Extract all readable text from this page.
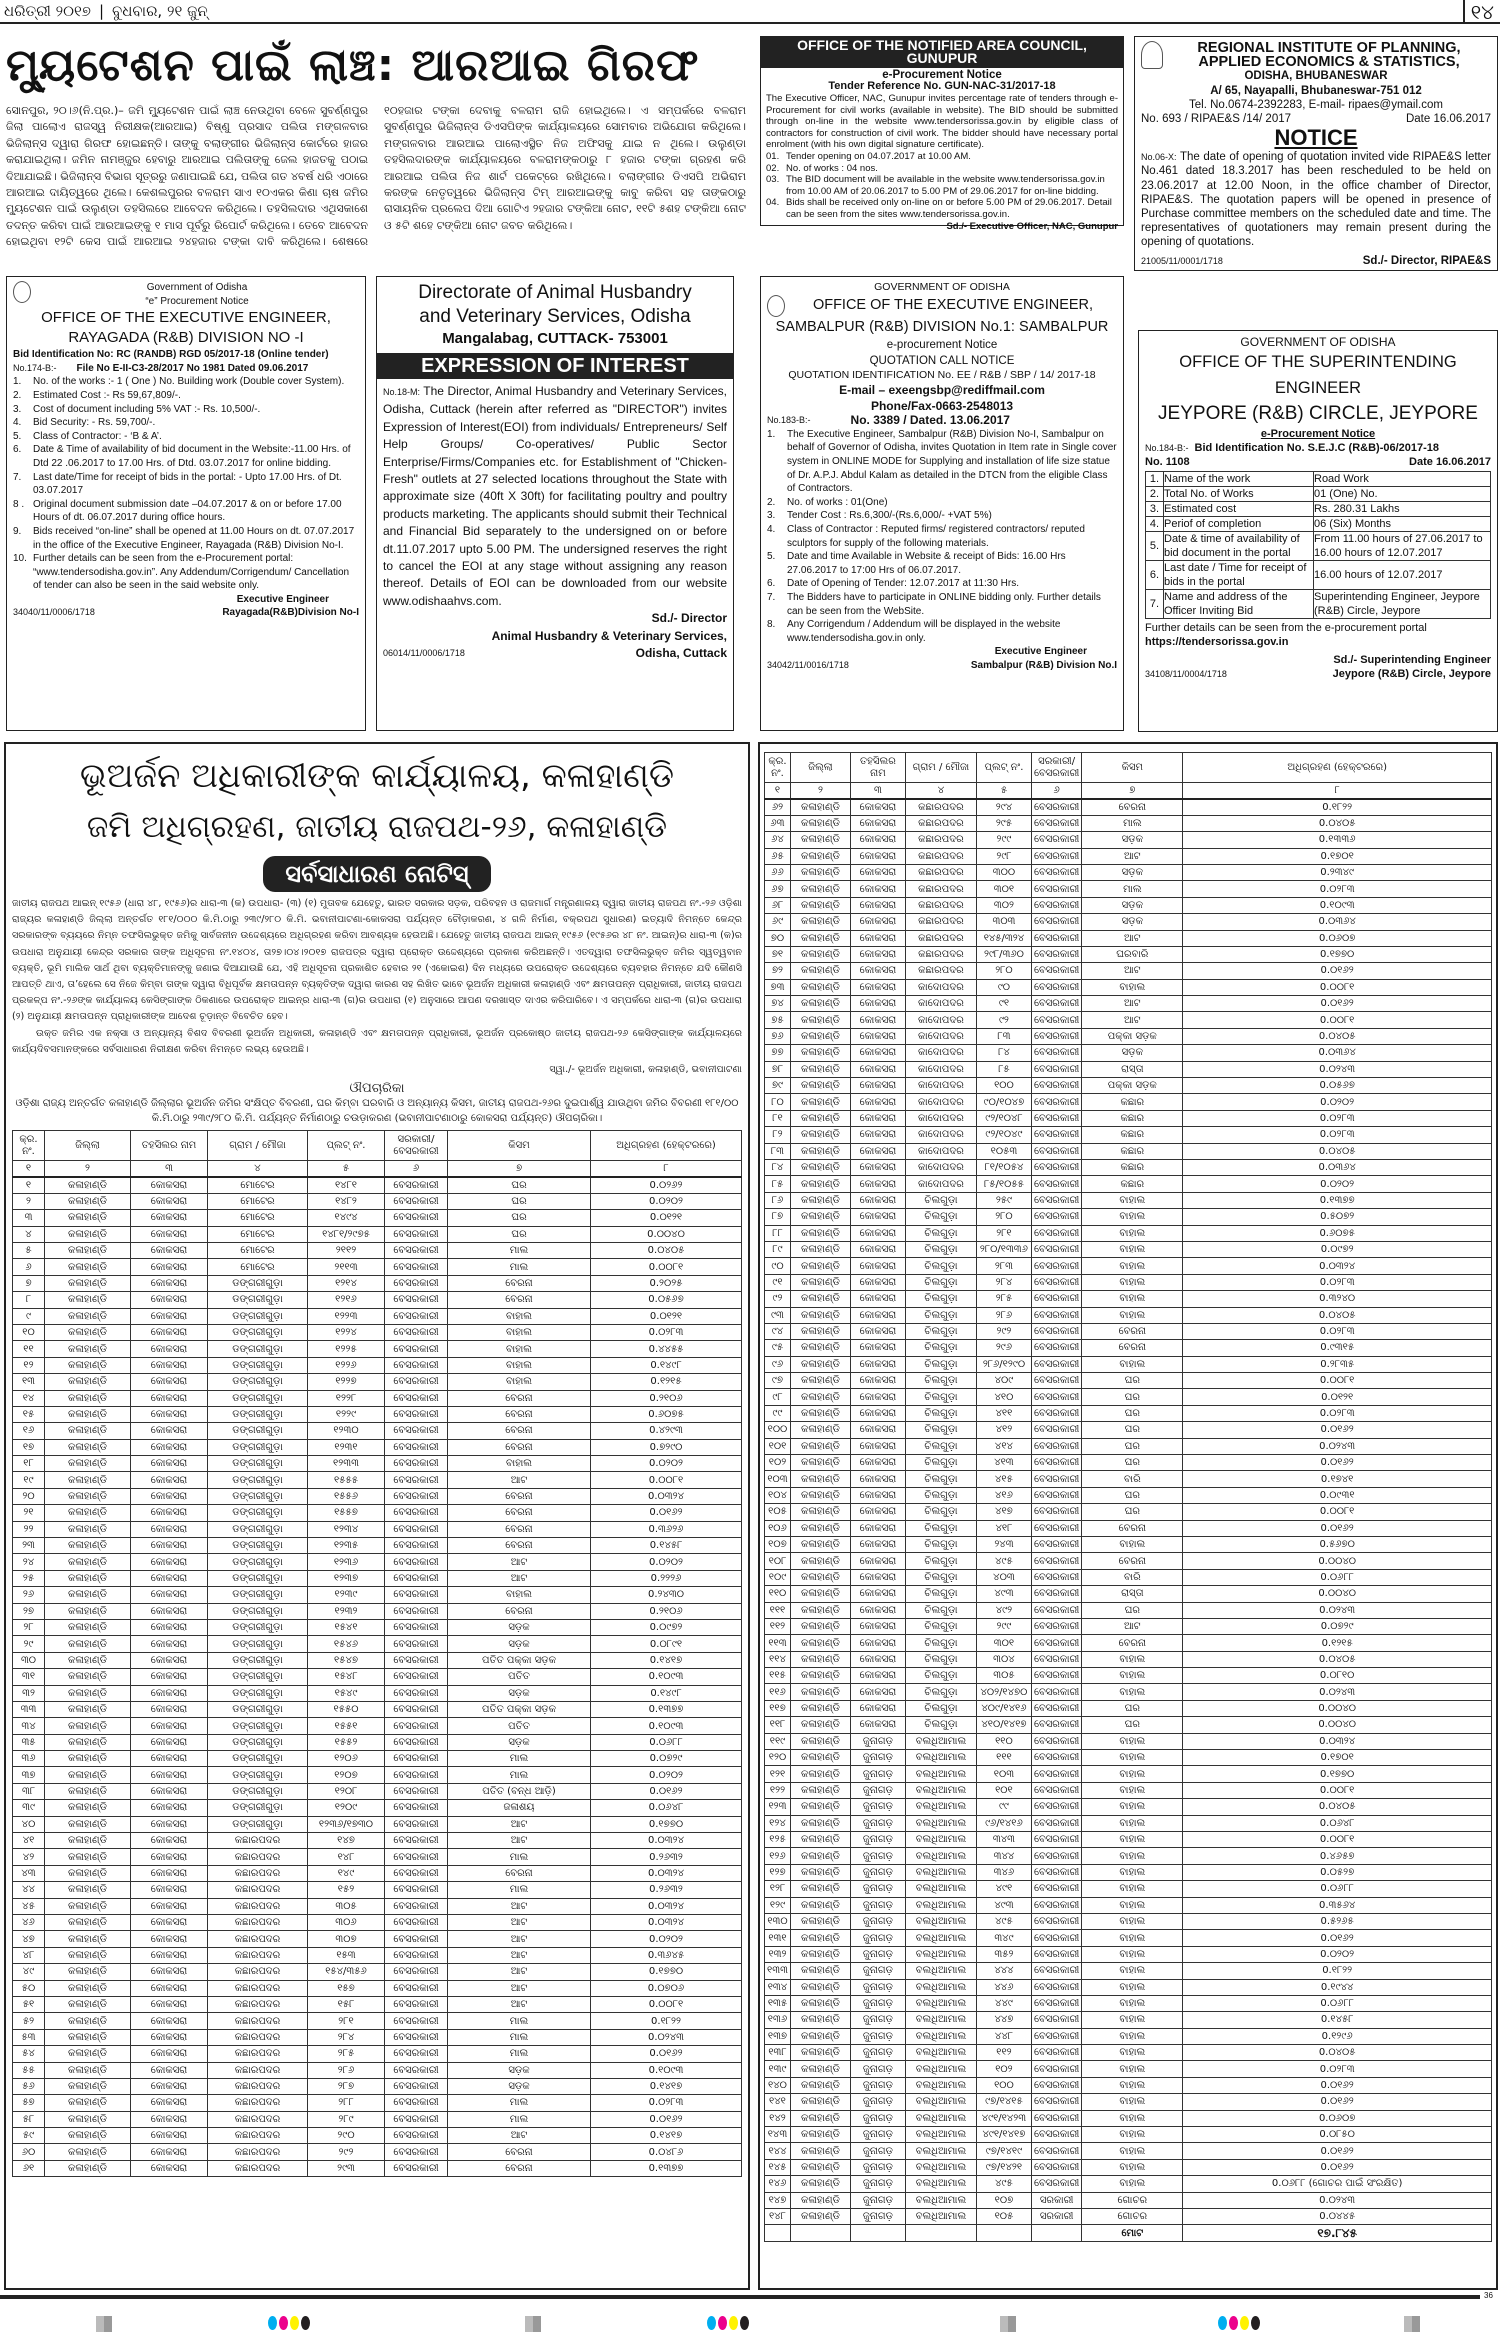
ଧରିତ୍ରୀ ୨୦୧୭ | ବୁଧବାର, ୨୧ ଜୁନ୍	୧୪
ମ୍ୟୁଟେଶନ ପାଇଁ ଲାଞ୍ଚ: ଆରଆଇ ଗିରଫ
ସୋନପୁର, ୨୦।୬(ନି.ପ୍ର.)– ଜମି ମ୍ୟୁଟେଶନ ପାଇଁ ଲାଞ୍ଚ ନେଉଥିବା ବେଳେ ସୁବର୍ଣ୍ଣପୁର ଜିଲା ପାଲୋଏ ରାଜସ୍ୱ ନିରୀକ୍ଷକ(ଆରଆଇ) ବିଷ୍ଣୁ ପ୍ରସାଦ ପଲିତା ମଙ୍ଗଳବାର ଭିଜିଲାନ୍ସ ଦ୍ୱାରା ଗିରଫ ହୋଇଛନ୍ତି। ତାଙ୍କୁ ବଲାଙ୍ଗୀର ଭିଜିଲାନ୍ସ କୋର୍ଟରେ ହାଜର କରାଯାଇଥିଲା। ଜମିନ ନାମଞ୍ଜୁର ହେବାରୁ ଆରଆଇ ପଲିତାଙ୍କୁ ଜେଲ ହାଜତକୁ ପଠାଇ ଦିଆଯାଇଛି। ଭିଜିଲାନ୍ସ ବିଭାଗ ସୂତ୍ରରୁ ଜଣାପାଇଛି ଯେ, ପଲିତା ଗତ ୪ବର୍ଷ ଧରି ଏଠାରେ ଆରଆଇ ଦାୟିତ୍ୱରେ ଥିଲେ। କେଶଲପୁରର ବଳରାମ ସାଏ ୧୦ଏକର କିଣା ଚାଷ ଜମିର ମ୍ୟୁଟେଶନ ପାଇଁ ଉଲୁଣ୍ଡା ତହସିଲରେ ଆବେଦନ କରିଥିଲେ। ତହସିଲଦାର ଏଥିସକାଶେ ତଦନ୍ତ କରିବା ପାଇଁ ଆରଆଇଙ୍କୁ ୧ ମାସ ପୂର୍ବରୁ ରିପୋର୍ଟ କରିଥିଲେ। ତେବେ ଆବେଦନ ହୋଇଥିବା ୧୨ଟି କେସ ପାଇଁ ଆରଆଇ ୨୪ହଜାର ଟଙ୍କା ଦାବି କରିଥିଲେ। ଶେଷରେ ୧୦ହଜାର ଟଙ୍କା ଦେବାକୁ ବଳରାମ ରାଜି ହୋଇଥିଲେ। ଏ ସମ୍ପର୍କରେ ବଳରାମ ସୁବର୍ଣ୍ଣପୁର ଭିଜିଲାନ୍ସ ଡିଏସପିଙ୍କ କାର୍ଯ୍ୟାଳୟରେ ସୋମବାର ଅଭିଯୋଗ କରିଥିଲେ। ମଙ୍ଗଳବାର ଆରଆଇ ପାଲୋଏସ୍ଥିତ ନିଜ ଅଫିସକୁ ଯାଇ ନ ଥିଲେ। ଉଲୁଣ୍ଡା ତହସିଲଦାରଙ୍କ କାର୍ଯ୍ୟାଳୟରେ ବଳରାମଙ୍କଠାରୁ ୮ ହଜାର ଟଙ୍କା ଗ୍ରହଣ କରି ଆରଆଇ ପଲିତା ନିଜ ଶାର୍ଟ ପକେଟ୍‌ରେ ରଖିଥିଲେ। ବଲାଙ୍ଗୀର ଡିଏସପି ଅଭିରାମ କରଙ୍କ ନେତୃତ୍ୱରେ ଭିଜିଲାନ୍ସ ଟିମ୍ ଆରଆଇଙ୍କୁ କାବୁ କରିବା ସହ ତାଙ୍କଠାରୁ ରାସାୟନିକ ପ୍ରଲେପ ଦିଆ ଗୋଟିଏ ୨ହଜାର ଟଙ୍କିଆ ନୋଟ, ୧୧ଟି ୫ଶହ ଟଙ୍କିଆ ନୋଟ ଓ ୫ଟି ଶହେ ଟଙ୍କିଆ ନୋଟ ଜବତ କରିଥିଲେ।
OFFICE OF THE NOTIFIED AREA COUNCIL, GUNUPUR
e-Procurement Notice
Tender Reference No. GUN-NAC-31/2017-18
The Executive Officer, NAC, Gunupur invites percentage rate of tenders through e-Procurement for civil works (available in website). The BID should be submitted through on-line in the website www.tendersorissa.gov.in by eligible class of contractors for construction of civil work. The bidder should have necessary portal enrolment (with his own digital signature certificate).
01. Tender opening on 04.07.2017 at 10.00 AM.
02. No. of works : 04 nos.
03. The BID document will be available in the website www.tendersorissa.gov.in from 10.00 AM of 20.06.2017 to 5.00 PM of 29.06.2017 for on-line bidding.
04. Bids shall be received only on-line on or before 5.00 PM of 29.06.2017. Detail can be seen from the sites www.tendersorissa.gov.in.
Sd./- Executive Officer, NAC, Gunupur
REGIONAL INSTITUTE OF PLANNING,
APPLIED ECONOMICS & STATISTICS,
ODISHA, BHUBANESWAR
A/ 65, Nayapalli, Bhubaneswar-751 012
Tel. No.0674-2392283, E-mail- ripaes@ymail.com
No. 693 / RIPAE&S /14/ 2017	Date 16.06.2017
NOTICE
No.06-X: The date of opening of quotation invited vide RIPAE&S letter No.461 dated 18.3.2017 has been rescheduled to be held on 23.06.2017 at 12.00 Noon, in the office chamber of Director, RIPAE&S. The quotation papers will be opened in presence of Purchase committee members on the scheduled date and time. The representatives of quotationers may remain present during the opening of quotations.
21005/11/0001/1718	Sd./- Director, RIPAE&S
Government of Odisha
“e” Procurement Notice
OFFICE OF THE EXECUTIVE ENGINEER,
RAYAGADA (R&B) DIVISION NO -I
Bid Identification No: RC (RANDB) RGD 05/2017-18 (Online tender)
No.174-B:- File No E-II-C3-28/2017 No 1981 Dated 09.06.2017
1.	No. of the works :- 1 ( One ) No. Building work (Double cover System).
2.	Estimated Cost :- Rs 59,67,809/-.
3.	Cost of document including 5% VAT :- Rs. 10,500/-.
4.	Bid Security: - Rs. 59,700/-.
5.	Class of Contractor: - ‘B & A’.
6.	Date & Time of availability of bid document in the Website:-11.00 Hrs. of Dtd 22 .06.2017 to 17.00 Hrs. of Dtd. 03.07.2017 for online bidding.
7.	Last date/Time for receipt of bids in the portal: - Upto 17.00 Hrs. of Dt. 03.07.2017
8 . Original document submission date –04.07.2017 & on or before 17.00 Hours of dt. 06.07.2017 during office hours.
9.	Bids received “on-line” shall be opened at 11.00 Hours on dt. 07.07.2017 in the office of the Executive Engineer, Rayagada (R&B) Division No-I.
10. Further details can be seen from the e-Procurement portal: “www.tendersodisha.gov.in”. Any Addendum/Corrigendum/ Cancellation of tender can also be seen in the said website only.
Executive Engineer
34040/11/0006/1718	Rayagada(R&B)Division No-I
Directorate of Animal Husbandry
and Veterinary Services, Odisha
Mangalabag, CUTTACK- 753001
EXPRESSION OF INTEREST
No.18-M: The Director, Animal Husbandry and Veterinary Services, Odisha, Cuttack (herein after referred as "DIRECTOR") invites Expression of Interest(EOI) from individuals/ Entrepreneurs/ Self Help Groups/ Co-operatives/ Public Sector Enterprise/Firms/Companies etc. for Establishment of "Chicken-Fresh" outlets at 27 selected locations throughout the State with approximate size (40ft X 30ft) for facilitating poultry and poultry products marketing. The applicants should submit their Technical and Financial Bid separately to the undersigned on or before dt.11.07.2017 upto 5.00 PM. The undersigned reserves the right to cancel the EOI at any stage without assigning any reason thereof. Details of EOI can be downloaded from our website www.odishaahvs.com.
Sd./- Director
Animal Husbandry & Veterinary Services,
06014/11/0006/1718	Odisha, Cuttack
GOVERNMENT OF ODISHA
OFFICE OF THE EXECUTIVE ENGINEER,
SAMBALPUR (R&B) DIVISION No.1: SAMBALPUR
e-procurement Notice
QUOTATION CALL NOTICE
QUOTATION IDENTIFICATION No. EE / R&B / SBP / 14/ 2017-18
E-mail – exeengsbp@rediffmail.com
Phone/Fax-0663-2548013
No.183-B:-	No. 3389 / Dated. 13.06.2017
1.	The Executive Engineer, Sambalpur (R&B) Division No-I, Sambalpur on behalf of Governor of Odisha, invites Quotation in Item rate in Single cover system in ONLINE MODE for Supplying and installation of life size statue of Dr. A.P.J. Abdul Kalam as detailed in the DTCN from the eligible Class of Contractors.
2.	No. of works : 01(One)
3.	Tender Cost : Rs.6,300/-(Rs.6,000/- +VAT 5%)
4.	Class of Contractor : Reputed firms/ registered contractors/ reputed sculptors for supply of the following materials.
5.	Date and time Available in Website & receipt of Bids: 16.00 Hrs 27.06.2017 to 17:00 Hrs of 06.07.2017.
6.	Date of Opening of Tender: 12.07.2017 at 11:30 Hrs.
7.	The Bidders have to participate in ONLINE bidding only. Further details can be seen from the WebSite.
8.	Any Corrigendum / Addendum will be displayed in the website www.tendersodisha.gov.in only.
Executive Engineer
34042/11/0016/1718	Sambalpur (R&B) Division No.I
GOVERNMENT OF ODISHA
OFFICE OF THE SUPERINTENDING ENGINEER
JEYPORE (R&B) CIRCLE, JEYPORE
e-Procurement Notice
No.184-B:- Bid Identification No. S.E.J.C (R&B)-06/2017-18
No. 1108	Date 16.06.2017
1.	Name of the work	Road Work
2.	Total No. of Works	01 (One) No.
3.	Estimated cost	Rs. 280.31 Lakhs
4.	Periof of completion	06 (Six) Months
5.	Date & time of availability of bid document in the portal	From 11.00 hours of 27.06.2017 to 16.00 hours of 12.07.2017
6.	Last date / Time for receipt of bids in the portal	16.00 hours of 12.07.2017
7.	Name and address of the Officer Inviting Bid	Superintending Engineer, Jeypore (R&B) Circle, Jeypore
Further details can be seen from the e-procurement portal
https://tendersorissa.gov.in
Sd./- Superintending Engineer
34108/11/0004/1718	Jeypore (R&B) Circle, Jeypore
ଭୂଅର୍ଜନ ଅଧିକାରୀଙ୍କ କାର୍ଯ୍ୟାଳୟ, କଳାହାଣ୍ଡି
ଜମି ଅଧିଗ୍ରହଣ, ଜାତୀୟ ରାଜପଥ-୨୬, କଳାହାଣ୍ଡି
ସର୍ବସାଧାରଣ ନୋଟିସ୍
ଜାତୀୟ ରାଜପଥ ଆଇନ୍ ୧୯୫୬ (ଧାରା ୪୮, ୧୯୫୬)ର ଧାରା-୩ (କ) ଉପଧାରା- (୩) (୧) ମୁତାବକ ଯେହେତୁ, ଭାରତ ସରକାର ସଡ଼କ, ପରିବହନ ଓ ରାଜମାର୍ଗ ମନ୍ତ୍ରଣାଳୟ ଦ୍ୱାରା ଜାତୀୟ ରାଜପଥ ନଂ.-୨୬ ଓଡ଼ିଶା ରାଜ୍ୟର କଳାହାଣ୍ଡି ଜିଲ୍ଲା ଅନ୍ତର୍ଗତ ୧୮୧/୦୦୦ କି.ମି.ଠାରୁ ୨୩୯/୨୮୦ କି.ମି. ଭବାନୀପାଟଣା-କୋକସରା ପର୍ଯ୍ୟନ୍ତ ଚୌଡ଼ାକରଣ, ୪ ଗଳି ନିର୍ମାଣ, ବକ୍ରପଥ ସୁଧାରଣ) ଇତ୍ୟାଦି ନିମନ୍ତେ କେନ୍ଦ୍ର ସରକାରଙ୍କ ବ୍ୟୟରେ ନିମ୍ନ ତଫସିଲଭୁକ୍ତ ଜମିକୁ ସାର୍ବଜନୀନ ଉଦ୍ଦେଶ୍ୟରେ ଅଧିଗ୍ରହଣ କରିବା ଆବଶ୍ୟକ ହେଉଅଛି। ଯେହେତୁ ଜାତୀୟ ରାଜପଥ ଆଇନ୍ ୧୯୫୬ (୧୯୫୬ର ୪୮ ନଂ. ଆଇନ୍)ର ଧାରା-୩ (କ)ର ଉପଧାରା ଅନୁଯାୟୀ କେନ୍ଦ୍ର ସରକାର ତାଙ୍କ ଅଧିସୂଚନା ନଂ.୧୪୦୪, ତା୨୭।୦୪।୨୦୧୭ ରାଜପତ୍ର ଦ୍ୱାରା ପ୍ରୋକ୍ତ ଉଦ୍ଦେଶ୍ୟରେ ପ୍ରକାଶ କରିଅଛନ୍ତି। ଏତଦ୍ୱାରା ତଫସିଲଭୁକ୍ତ ଜମିର ସ୍ୱତ୍ୱବାନ ବ୍ୟକ୍ତି, ଭୂମି ମାଲିକ ସାର୍ଥ ଥିବା ବ୍ୟକ୍ତିମାନଙ୍କୁ ଜଣାଇ ଦିଆଯାଉଛି ଯେ, ଏହି ଅଧିସୂଚନା ପ୍ରକାଶିତ ହେବାର ୨୧ (ଏକୋଇଶ) ଦିନ ମଧ୍ୟରେ ଉପରୋକ୍ତ ଉଦ୍ଦେଶ୍ୟରେ ବ୍ୟବହାର ନିମନ୍ତେ ଯଦି କୌଣସି ଆପତ୍ତି ଥାଏ, ତା’ହେଲେ ସେ ନିଜେ କିମ୍ବା ତାଙ୍କ ଦ୍ୱାରା ବିଧିପୂର୍ବକ କ୍ଷମତାପନ୍ନ ବ୍ୟକ୍ତିଙ୍କ ଦ୍ୱାରା କାରଣ ସହ ଲିଖିତ ଭାବେ ଭୂଅର୍ଜନ ଅଧିକାରୀ କଳାହାଣ୍ଡି ଏବଂ କ୍ଷମତାପନ୍ନ ପ୍ରାଧିକାରୀ, ଜାତୀୟ ରାଜପଥ ପ୍ରକଳ୍ପ ନଂ.-୨୬ଙ୍କ କାର୍ଯ୍ୟାଳୟ କେସିଙ୍ଗାଙ୍କ ଠିକଣାରେ ଉପରୋକ୍ତ ଆଇନ୍‌ର ଧାରା-୩ (ଗ)ର ଉପଧାରା (୧) ଅନୁସାରେ ଆପଣ ଦରଖାସ୍ତ ଦାଏର କରିପାରିବେ। ଏ ସମ୍ପର୍କରେ ଧାରା-୩ (ଗ)ର ଉପଧାରା (୨) ଅନୁଯାୟୀ କ୍ଷମତାପନ୍ନ ପ୍ରାଧିକାରୀଙ୍କ ଆଦେଶ ଚୂଡ଼ାନ୍ତ ବିବେଚିତ ହେବ।
ଉକ୍ତ ଜମିର ଏକ ନକ୍ସା ଓ ଅନ୍ୟାନ୍ୟ ବିଶଦ ବିବରଣୀ ଭୂଅର୍ଜନ ଅଧିକାରୀ, କଳାହାଣ୍ଡି ଏବଂ କ୍ଷମତାପନ୍ନ ପ୍ରାଧିକାରୀ, ଭୂଅର୍ଜନ ପ୍ରକୋଷ୍ଠ ଜାତୀୟ ରାଜପଥ-୨୬ କେସିଙ୍ଗାଙ୍କ କାର୍ଯ୍ୟାଳୟରେ କାର୍ଯ୍ୟଦିବସମାନଙ୍କରେ ସର୍ବସାଧାରଣ ନିରୀକ୍ଷଣ କରିବା ନିମନ୍ତେ ଲଭ୍ୟ ହେଉଅଛି।
ସ୍ୱା./- ଭୂଅର୍ଜନ ଅଧିକାରୀ, କଳାହାଣ୍ଡି, ଭବାନୀପାଟଣା
ଔପଚାରିକା
ଓଡ଼ିଶା ରାଜ୍ୟ ଅନ୍ତର୍ଗତ କଳାହାଣ୍ଡି ଜିଲ୍ଲାର ଭୂଅର୍ଜନ ଜମିର ସଂକ୍ଷିପ୍ତ ବିବରଣୀ, ଘର କିମ୍ବା ଘରବାରି ଓ ଅନ୍ୟାନ୍ୟ କିସମ, ଜାତୀୟ ରାଜପଥ-୨୬ର ଦୁଇପାର୍ଶ୍ୱ ଯାଉଥିବା ଜମିର ବିବରଣୀ ୧୮୧/୦୦ କି.ମି.ଠାରୁ ୨୩୯/୨୮୦ କି.ମି. ପର୍ଯ୍ୟନ୍ତ ନିର୍ମାଣଠାରୁ ଚଉଡ଼ାକରଣ (ଭବାନୀପାଟଣାଠାରୁ କୋକସରା ପର୍ଯ୍ୟନ୍ତ) ଔପଚାରିକା।
କ୍ର. ନଂ.	ଜିଲ୍ଲା	ତହସିଲର ନାମ	ଗ୍ରାମ / ମୌଜା	ପ୍ଲଟ୍ ନଂ.	ସରକାରୀ/ ବେସରକାରୀ	କିସମ	ଅଧିଗ୍ରହଣ (ହେକ୍ଟରରେ)
୧	୨	୩	୪	୫	୬	୭	୮
୧	କଳାହାଣ୍ଡି	କୋକସରା	ମୋଟେର	୧୪୮୧	ବେସରକାରୀ	ଘର	0.୦୨୬୨
୨	କଳାହାଣ୍ଡି	କୋକସରା	ମୋଟେର	୧୪୮୨	ବେସରକାରୀ	ଘର	0.୦୨୦୨
୩	କଳାହାଣ୍ଡି	କୋକସରା	ମୋଟେର	୧୪୯୪	ବେସରକାରୀ	ଘର	0.୦୧୨୧
୪	କଳାହାଣ୍ଡି	କୋକସରା	ମୋଟେର	୧୪୮୧/୨୯୭୫	ବେସରକାରୀ	ଘର	0.୦୦୪୦
୫	କଳାହାଣ୍ଡି	କୋକସରା	ମୋଟେର	୨୧୧୨	ବେସରକାରୀ	ମାଲ	0.୦୪୦୫
୬	କଳାହାଣ୍ଡି	କୋକସରା	ମୋଟେର	୨୧୧୩	ବେସରକାରୀ	ମାଲ	0.୦୦୮୧
୭	କଳାହାଣ୍ଡି	କୋକସରା	ଡଙ୍ଗରୀଗୁଡ଼ା	୧୨୧୪	ବେସରକାରୀ	ବେରନା	0.୨୦୨୫
୮	କଳାହାଣ୍ଡି	କୋକସରା	ଡଙ୍ଗରୀଗୁଡ଼ା	୧୨୧୬	ବେସରକାରୀ	ବେରନା	0.୦୫୬୭
୯	କଳାହାଣ୍ଡି	କୋକସରା	ଡଙ୍ଗରୀଗୁଡ଼ା	୧୨୨୩	ବେସରକାରୀ	ବାହାଲ	0.୦୧୨୧
୧୦	କଳାହାଣ୍ଡି	କୋକସରା	ଡଙ୍ଗରୀଗୁଡ଼ା	୧୨୨୪	ବେସରକାରୀ	ବାହାଲ	0.୦୨୮୩
୧୧	କଳାହାଣ୍ଡି	କୋକସରା	ଡଙ୍ଗରୀଗୁଡ଼ା	୧୨୨୫	ବେସରକାରୀ	ବାହାଲ	0.୪୪୫୫
୧୨	କଳାହାଣ୍ଡି	କୋକସରା	ଡଙ୍ଗରୀଗୁଡ଼ା	୧୨୨୬	ବେସରକାରୀ	ବାହାଲ	0.୧୪୯୮
୧୩	କଳାହାଣ୍ଡି	କୋକସରା	ଡଙ୍ଗରୀଗୁଡ଼ା	୧୨୨୭	ବେସରକାରୀ	ବାହାଲ	0.୧୨୧୫
୧୪	କଳାହାଣ୍ଡି	କୋକସରା	ଡଙ୍ଗରୀଗୁଡ଼ା	୧୨୨୮	ବେସରକାରୀ	ବେରନା	0.୨୧୦୬
୧୫	କଳାହାଣ୍ଡି	କୋକସରା	ଡଙ୍ଗରୀଗୁଡ଼ା	୧୨୨୯	ବେସରକାରୀ	ବେରନା	0.୬୦୭୫
୧୬	କଳାହାଣ୍ଡି	କୋକସରା	ଡଙ୍ଗରୀଗୁଡ଼ା	୧୨୩୦	ବେସରକାରୀ	ବେରନା	0.୪୨୯୩
୧୭	କଳାହାଣ୍ଡି	କୋକସରା	ଡଙ୍ଗରୀଗୁଡ଼ା	୧୨୩୧	ବେସରକାରୀ	ବେରନା	0.୭୨୯୦
୧୮	କଳାହାଣ୍ଡି	କୋକସରା	ଡଙ୍ଗରୀଗୁଡ଼ା	୧୨୩୩	ବେସରକାରୀ	ବାହାଲ	0.୦୨୦୨
୧୯	କଳାହାଣ୍ଡି	କୋକସରା	ଡଙ୍ଗରୀଗୁଡ଼ା	୧୫୫୫	ବେସରକାରୀ	ଆଟ	0.୦୦୮୧
୨୦	କଳାହାଣ୍ଡି	କୋକସରା	ଡଙ୍ଗରୀଗୁଡ଼ା	୧୫୫୬	ବେସରକାରୀ	ବେରନା	0.୦୩୨୪
୨୧	କଳାହାଣ୍ଡି	କୋକସରା	ଡଙ୍ଗରୀଗୁଡ଼ା	୧୫୫୭	ବେସରକାରୀ	ବେରନା	0.୦୧୬୨
୨୨	କଳାହାଣ୍ଡି	କୋକସରା	ଡଙ୍ଗରୀଗୁଡ଼ା	୧୨୩୪	ବେସରକାରୀ	ବେରନା	0.୩୬୨୬
୨୩	କଳାହାଣ୍ଡି	କୋକସରା	ଡଙ୍ଗରୀଗୁଡ଼ା	୧୨୩୫	ବେସରକାରୀ	ବେରନା	0.୧୪୫୮
୨୪	କଳାହାଣ୍ଡି	କୋକସରା	ଡଙ୍ଗରୀଗୁଡ଼ା	୧୨୩୬	ବେସରକାରୀ	ଆଟ	0.୦୨୦୨
୨୫	କଳାହାଣ୍ଡି	କୋକସରା	ଡଙ୍ଗରୀଗୁଡ଼ା	୧୨୩୭	ବେସରକାରୀ	ଆଟ	0.୨୨୨୬
୨୬	କଳାହାଣ୍ଡି	କୋକସରା	ଡଙ୍ଗରୀଗୁଡ଼ା	୧୨୩୯	ବେସରକାରୀ	ବାହାଲ	0.୨୪୩୦
୨୭	କଳାହାଣ୍ଡି	କୋକସରା	ଡଙ୍ଗରୀଗୁଡ଼ା	୧୨୩୨	ବେସରକାରୀ	ବେରନା	0.୨୧୦୬
୨୮	କଳାହାଣ୍ଡି	କୋକସରା	ଡଙ୍ଗରୀଗୁଡ଼ା	୧୫୪୧	ବେସରକାରୀ	ସଡ଼କ	0.୦୯୭୨
୨୯	କଳାହାଣ୍ଡି	କୋକସରା	ଡଙ୍ଗରୀଗୁଡ଼ା	୧୫୪୬	ବେସରକାରୀ	ସଡ଼କ	0.୦୮୯୧
୩୦	କଳାହାଣ୍ଡି	କୋକସରା	ଡଙ୍ଗରୀଗୁଡ଼ା	୧୫୪୭	ବେସରକାରୀ	ପତିତ ପକ୍କା ସଡ଼କ	0.୧୪୧୭
୩୧	କଳାହାଣ୍ଡି	କୋକସରା	ଡଙ୍ଗରୀଗୁଡ଼ା	୧୫୪୮	ବେସରକାରୀ	ପତିତ	0.୧୦୯୩
୩୨	କଳାହାଣ୍ଡି	କୋକସରା	ଡଙ୍ଗରୀଗୁଡ଼ା	୧୫୪୯	ବେସରକାରୀ	ସଡ଼କ	0.୧୪୯୮
୩୩	କଳାହାଣ୍ଡି	କୋକସରା	ଡଙ୍ଗରୀଗୁଡ଼ା	୧୫୫୦	ବେସରକାରୀ	ପତିତ ପକ୍କା ସଡ଼କ	0.୧୩୭୭
୩୪	କଳାହାଣ୍ଡି	କୋକସରା	ଡଙ୍ଗରୀଗୁଡ଼ା	୧୫୫୧	ବେସରକାରୀ	ପତିତ	0.୧୦୯୩
୩୫	କଳାହାଣ୍ଡି	କୋକସରା	ଡଙ୍ଗରୀଗୁଡ଼ା	୧୫୫୨	ବେସରକାରୀ	ସଡ଼କ	0.୦୬୮୮
୩୬	କଳାହାଣ୍ଡି	କୋକସରା	ଡଙ୍ଗରୀଗୁଡ଼ା	୧୨୦୬	ବେସରକାରୀ	ମାଲ	0.୦୭୨୯
୩୭	କଳାହାଣ୍ଡି	କୋକସରା	ଡଙ୍ଗରୀଗୁଡ଼ା	୧୨୦୭	ବେସରକାରୀ	ମାଲ	0.୦୨୦୨
୩୮	କଳାହାଣ୍ଡି	କୋକସରା	ଡଙ୍ଗରୀଗୁଡ଼ା	୧୨୦୮	ବେସରକାରୀ	ପତିତ (ବନ୍ଧ ଆଡ଼ି)	0.୦୧୬୨
୩୯	କଳାହାଣ୍ଡି	କୋକସରା	ଡଙ୍ଗରୀଗୁଡ଼ା	୧୨୦୯	ବେସରକାରୀ	ଜଳାଶୟ	0.୦୬୪୮
୪୦	କଳାହାଣ୍ଡି	କୋକସରା	ଡଙ୍ଗରୀଗୁଡ଼ା	୧୨୩୬/୧୭୩୦	ବେସରକାରୀ	ଆଟ	0.୧୭୭୦
୪୧	କଳାହାଣ୍ଡି	କୋକସରା	କଛାରପଦର	୧୪୭	ବେସରକାରୀ	ଆଟ	0.୦୩୨୪
୪୨	କଳାହାଣ୍ଡି	କୋକସରା	କଛାରପଦର	୧୪୮	ବେସରକାରୀ	ମାଲ	0.୨୬୩୨
୪୩	କଳାହାଣ୍ଡି	କୋକସରା	କଛାରପଦର	୧୪୯	ବେସରକାରୀ	ବେରନା	0.୦୩୨୪
୪୪	କଳାହାଣ୍ଡି	କୋକସରା	କଛାରପଦର	୧୫୨	ବେସରକାରୀ	ମାଲ	0.୨୬୩୨
୪୫	କଳାହାଣ୍ଡି	କୋକସରା	କଛାରପଦର	୩୦୫	ବେସରକାରୀ	ଆଟ	0.୦୩୨୪
୪୬	କଳାହାଣ୍ଡି	କୋକସରା	କଛାରପଦର	୩୦୬	ବେସରକାରୀ	ଆଟ	0.୦୩୨୪
୪୭	କଳାହାଣ୍ଡି	କୋକସରା	କଛାରପଦର	୩୦୭	ବେସରକାରୀ	ଆଟ	0.୦୨୦୨
୪୮	କଳାହାଣ୍ଡି	କୋକସରା	କଛାରପଦର	୧୫୩	ବେସରକାରୀ	ଆଟ	0.୩୬୪୫
୪୯	କଳାହାଣ୍ଡି	କୋକସରା	କଛାରପଦର	୧୫୪/୩୫୬	ବେସରକାରୀ	ଆଟ	0.୧୭୭୦
୫୦	କଳାହାଣ୍ଡି	କୋକସରା	କଛାରପଦର	୧୫୭	ବେସରକାରୀ	ଆଟ	0.୦୭୦୬
୫୧	କଳାହାଣ୍ଡି	କୋକସରା	କଛାରପଦର	୧୫୮	ବେସରକାରୀ	ଆଟ	0.୦୦୮୧
୫୨	କଳାହାଣ୍ଡି	କୋକସରା	କଛାରପଦର	୨୮୧	ବେସରକାରୀ	ମାଲ	0.୧୮୨୨
୫୩	କଳାହାଣ୍ଡି	କୋକସରା	କଛାରପଦର	୨୮୪	ବେସରକାରୀ	ମାଲ	0.୦୨୪୩
୫୪	କଳାହାଣ୍ଡି	କୋକସରା	କଛାରପଦର	୨୮୫	ବେସରକାରୀ	ମାଲ	0.୦୧୬୨
୫୫	କଳାହାଣ୍ଡି	କୋକସରା	କଛାରପଦର	୨୮୬	ବେସରକାରୀ	ସଡ଼କ	0.୧୦୯୩
୫୬	କଳାହାଣ୍ଡି	କୋକସରା	କଛାରପଦର	୨୮୭	ବେସରକାରୀ	ସଡ଼କ	0.୧୪୧୭
୫୭	କଳାହାଣ୍ଡି	କୋକସରା	କଛାରପଦର	୨୮୮	ବେସରକାରୀ	ମାଲ	0.୦୨୮୩
୫୮	କଳାହାଣ୍ଡି	କୋକସରା	କଛାରପଦର	୨୮୯	ବେସରକାରୀ	ମାଲ	0.୦୧୬୨
୫୯	କଳାହାଣ୍ଡି	କୋକସରା	କଛାରପଦର	୨୯୦	ବେସରକାରୀ	ଆଟ	0.୧୪୧୭
୬୦	କଳାହାଣ୍ଡି	କୋକସରା	କଛାରପଦର	୨୯୨	ବେସରକାରୀ	ବେରନା	0.୦୪୮୬
୬୧	କଳାହାଣ୍ଡି	କୋକସରା	କଛାରପଦର	୨୯୩	ବେସରକାରୀ	ବେରନା	0.୧୩୭୭
କ୍ର. ନଂ.	ଜିଲ୍ଲା	ତହସିଲର ନାମ	ଗ୍ରାମ / ମୌଜା	ପ୍ଲଟ୍ ନଂ.	ସରକାରୀ/ ବେସରକାରୀ	କିସମ	ଅଧିଗ୍ରହଣ (ହେକ୍ଟରରେ)
୧	୨	୩	୪	୫	୬	୭	୮
୬୨	କଳାହାଣ୍ଡି	କୋକସରା	କଛାରପଦର	୨୯୪	ବେସରକାରୀ	ବେରନା	0.୧୮୨୨
୬୩	କଳାହାଣ୍ଡି	କୋକସରା	କଛାରପଦର	୨୯୫	ବେସରକାରୀ	ମାଲ	0.୦୪୦୫
୬୪	କଳାହାଣ୍ଡି	କୋକସରା	କଛାରପଦର	୨୯୯	ବେସରକାରୀ	ସଡ଼କ	0.୧୩୩୬
୬୫	କଳାହାଣ୍ଡି	କୋକସରା	କଛାରପଦର	୨୯୮	ବେସରକାରୀ	ଆଟ	0.୧୭୦୧
୬୬	କଳାହାଣ୍ଡି	କୋକସରା	କଛାରପଦର	୩୦୦	ବେସରକାରୀ	ସଡ଼କ	0.୨୩୪୯
୬୭	କଳାହାଣ୍ଡି	କୋକସରା	କଛାରପଦର	୩୦୧	ବେସରକାରୀ	ମାଲ	0.୦୨୮୩
୬୮	କଳାହାଣ୍ଡି	କୋକସରା	କଛାରପଦର	୩୦୨	ବେସରକାରୀ	ସଡ଼କ	0.୧୦୯୩
୬୯	କଳାହାଣ୍ଡି	କୋକସରା	କଛାରପଦର	୩୦୩	ବେସରକାରୀ	ସଡ଼କ	0.୦୩୬୪
୭୦	କଳାହାଣ୍ଡି	କୋକସରା	କଛାରପଦର	୧୪୫/୩୨୪	ବେସରକାରୀ	ଆଟ	0.୦୬୦୭
୭୧	କଳାହାଣ୍ଡି	କୋକସରା	କଛାରପଦର	୨୯୮/୩୬୦	ବେସରକାରୀ	ଘରବାରି	0.୧୭୭୦
୭୨	କଳାହାଣ୍ଡି	କୋକସରା	କଛାରପଦର	୨୮୦	ବେସରକାରୀ	ଆଟ	0.୦୧୬୨
୭୩	କଳାହାଣ୍ଡି	କୋକସରା	କାଦୋପଦର	୯୦	ବେସରକାରୀ	ବାହାଲ	0.୦୦୮୧
୭୪	କଳାହାଣ୍ଡି	କୋକସରା	କାଦୋପଦର	୯୧	ବେସରକାରୀ	ଆଟ	0.୦୧୬୨
୭୫	କଳାହାଣ୍ଡି	କୋକସରା	କାଦୋପଦର	୯୨	ବେସରକାରୀ	ଆଟ	0.୦୦୮୧
୭୬	କଳାହାଣ୍ଡି	କୋକସରା	କାଦୋପଦର	୮୩	ବେସରକାରୀ	ପକ୍କା ସଡ଼କ	0.୦୪୦୫
୭୭	କଳାହାଣ୍ଡି	କୋକସରା	କାଦୋପଦର	୮୪	ବେସରକାରୀ	ସଡ଼କ	0.୦୩୬୪
୭୮	କଳାହାଣ୍ଡି	କୋକସରା	କାଦୋପଦର	୮୫	ବେସରକାରୀ	ରାସ୍ତା	0.୦୨୪୩
୭୯	କଳାହାଣ୍ଡି	କୋକସରା	କାଦୋପଦର	୧୦୦	ବେସରକାରୀ	ପକ୍କା ସଡ଼କ	0.୦୫୬୭
୮୦	କଳାହାଣ୍ଡି	କୋକସରା	କାଦୋପଦର	୯୦/୧୦୪୭	ବେସରକାରୀ	କଛାର	0.୦୨୦୨
୮୧	କଳାହାଣ୍ଡି	କୋକସରା	କାଦୋପଦର	୯୨/୧୦୪୮	ବେସରକାରୀ	କଛାର	0.୦୨୮୩
୮୨	କଳାହାଣ୍ଡି	କୋକସରା	କାଦୋପଦର	୯୨/୧୦୪୯	ବେସରକାରୀ	କଛାର	0.୦୨୮୩
୮୩	କଳାହାଣ୍ଡି	କୋକସରା	କାଦୋପଦର	୧୦୫୩	ବେସରକାରୀ	କଛାର	0.୦୪୦୫
୮୪	କଳାହାଣ୍ଡି	କୋକସରା	କାଦୋପଦର	୮୧/୧୦୫୪	ବେସରକାରୀ	କଛାର	0.୦୩୬୪
୮୫	କଳାହାଣ୍ଡି	କୋକସରା	କାଦୋପଦର	୮୫/୧୦୫୫	ବେସରକାରୀ	କଛାର	0.୦୨୦୨
୮୬	କଳାହାଣ୍ଡି	କୋକସରା	ଚିଲଗୁଡ଼ା	୨୫୯	ବେସରକାରୀ	ବାହାଲ	0.୧୩୭୭
୮୭	କଳାହାଣ୍ଡି	କୋକସରା	ଚିଲଗୁଡ଼ା	୨୮୦	ବେସରକାରୀ	ବାହାଲ	0.୫୦୭୨
୮୮	କଳାହାଣ୍ଡି	କୋକସରା	ଚିଲଗୁଡ଼ା	୨୮୧	ବେସରକାରୀ	ବାହାଲ	0.୬୦୭୫
୮୯	କଳାହାଣ୍ଡି	କୋକସରା	ଚିଲଗୁଡ଼ା	୨୮୦/୧୩୩୬	ବେସରକାରୀ	ବାହାଲ	0.୦୯୭୨
୯୦	କଳାହାଣ୍ଡି	କୋକସରା	ଚିଲଗୁଡ଼ା	୨୮୩	ବେସରକାରୀ	ବାହାଲ	0.୦୩୨୪
୯୧	କଳାହାଣ୍ଡି	କୋକସରା	ଚିଲଗୁଡ଼ା	୨୮୪	ବେସରକାରୀ	ବାହାଲ	0.୦୨୮୩
୯୨	କଳାହାଣ୍ଡି	କୋକସରା	ଚିଲଗୁଡ଼ା	୨୮୫	ବେସରକାରୀ	ବାହାଲ	0.୩୨୪୦
୯୩	କଳାହାଣ୍ଡି	କୋକସରା	ଚିଲଗୁଡ଼ା	୨୮୬	ବେସରକାରୀ	ବାହାଲ	0.୦୪୦୫
୯୪	କଳାହାଣ୍ଡି	କୋକସରା	ଚିଲଗୁଡ଼ା	୨୯୨	ବେସରକାରୀ	ବେରନା	0.୦୨୮୩
୯୫	କଳାହାଣ୍ଡି	କୋକସରା	ଚିଲଗୁଡ଼ା	୨୯୬	ବେସରକାରୀ	ବେରନା	0.୯୩୧୫
୯୬	କଳାହାଣ୍ଡି	କୋକସରା	ଚିଲଗୁଡ଼ା	୨୮୬/୧୨୯୦	ବେସରକାରୀ	ବାହାଲ	0.୨୮୩୫
୯୭	କଳାହାଣ୍ଡି	କୋକସରା	ଚିଲଗୁଡ଼ା	୪୦୯	ବେସରକାରୀ	ଘର	0.୦୦୮୧
୯୮	କଳାହାଣ୍ଡି	କୋକସରା	ଚିଲଗୁଡ଼ା	୪୧୦	ବେସରକାରୀ	ଘର	0.୦୧୨୧
୯୯	କଳାହାଣ୍ଡି	କୋକସରା	ଚିଲଗୁଡ଼ା	୪୧୧	ବେସରକାରୀ	ଘର	0.୦୨୮୩
୧୦୦	କଳାହାଣ୍ଡି	କୋକସରା	ଚିଲଗୁଡ଼ା	୪୧୨	ବେସରକାରୀ	ଘର	0.୦୧୬୨
୧୦୧	କଳାହାଣ୍ଡି	କୋକସରା	ଚିଲଗୁଡ଼ା	୪୧୪	ବେସରକାରୀ	ଘର	0.୦୨୪୩
୧୦୨	କଳାହାଣ୍ଡି	କୋକସରା	ଚିଲଗୁଡ଼ା	୪୧୩	ବେସରକାରୀ	ଘର	0.୦୧୬୨
୧୦୩	କଳାହାଣ୍ଡି	କୋକସରା	ଚିଲଗୁଡ଼ା	୪୧୫	ବେସରକାରୀ	ବାରି	0.୧୭୪୧
୧୦୪	କଳାହାଣ୍ଡି	କୋକସରା	ଚିଲଗୁଡ଼ା	୪୧୬	ବେସରକାରୀ	ଘର	0.୦୯୩୧
୧୦୫	କଳାହାଣ୍ଡି	କୋକସରା	ଚିଲଗୁଡ଼ା	୪୧୭	ବେସରକାରୀ	ଘର	0.୦୦୮୧
୧୦୬	କଳାହାଣ୍ଡି	କୋକସରା	ଚିଲଗୁଡ଼ା	୪୧୮	ବେସରକାରୀ	ବେରନା	0.୦୧୬୨
୧୦୭	କଳାହାଣ୍ଡି	କୋକସରା	ଚିଲଗୁଡ଼ା	୨୪୩	ବେସରକାରୀ	ବାହାଲ	0.୫୬୭୦
୧୦୮	କଳାହାଣ୍ଡି	କୋକସରା	ଚିଲଗୁଡ଼ା	୪୯୫	ବେସରକାରୀ	ବେରନା	0.୦୦୪୦
୧୦୯	କଳାହାଣ୍ଡି	କୋକସରା	ଚିଲଗୁଡ଼ା	୪୦୩	ବେସରକାରୀ	ବାରି	0.୦୬୮୮
୧୧୦	କଳାହାଣ୍ଡି	କୋକସରା	ଚିଲଗୁଡ଼ା	୪୯୩	ବେସରକାରୀ	ରାସ୍ତା	0.୦୦୪୦
୧୧୧	କଳାହାଣ୍ଡି	କୋକସରା	ଚିଲଗୁଡ଼ା	୪୯୨	ବେସରକାରୀ	ଘର	0.୦୨୪୩
୧୧୨	କଳାହାଣ୍ଡି	କୋକସରା	ଚିଲଗୁଡ଼ା	୨୯୯	ବେସରକାରୀ	ଆଟ	0.୦୭୨୯
୧୧୩	କଳାହାଣ୍ଡି	କୋକସରା	ଚିଲଗୁଡ଼ା	୩୦୧	ବେସରକାରୀ	ବେରନା	0.୧୨୧୫
୧୧୪	କଳାହାଣ୍ଡି	କୋକସରା	ଚିଲଗୁଡ଼ା	୩୦୪	ବେସରକାରୀ	ବାହାଲ	0.୦୪୦୫
୧୧୫	କଳାହାଣ୍ଡି	କୋକସରା	ଚିଲଗୁଡ଼ା	୩୦୫	ବେସରକାରୀ	ବାହାଲ	0.୦୮୧୦
୧୧୬	କଳାହାଣ୍ଡି	କୋକସରା	ଚିଲଗୁଡ଼ା	୪୦୨/୧୪୭୦	ବେସରକାରୀ	ବାହାଲ	0.୦୨୪୩
୧୧୭	କଳାହାଣ୍ଡି	କୋକସରା	ଚିଲଗୁଡ଼ା	୪୦୯/୧୪୧୬	ବେସରକାରୀ	ଘର	0.୦୦୪୦
୧୧୮	କଳାହାଣ୍ଡି	କୋକସରା	ଚିଲଗୁଡ଼ା	୪୧୦/୧୪୧୭	ବେସରକାରୀ	ଘର	0.୦୦୪୦
୧୧୯	କଳାହାଣ୍ଡି	ଜୁନାଗଡ଼	ବଲଧିଆମାଲ	୧୧୦	ବେସରକାରୀ	ବାହାଲ	0.୦୩୨୪
୧୨୦	କଳାହାଣ୍ଡି	ଜୁନାଗଡ଼	ବଲଧିଆମାଲ	୧୧୧	ବେସରକାରୀ	ବାହାଲ	0.୧୭୦୧
୧୨୧	କଳାହାଣ୍ଡି	ଜୁନାଗଡ଼	ବଲଧିଆମାଲ	୧୦୩	ବେସରକାରୀ	ବାହାଲ	0.୧୭୭୦
୧୨୨	କଳାହାଣ୍ଡି	ଜୁନାଗଡ଼	ବଲଧିଆମାଲ	୧୦୧	ବେସରକାରୀ	ବାହାଲ	0.୦୦୮୧
୧୨୩	କଳାହାଣ୍ଡି	ଜୁନାଗଡ଼	ବଲଧିଆମାଲ	୯୯	ବେସରକାରୀ	ବାହାଲ	0.୦୪୦୫
୧୨୪	କଳାହାଣ୍ଡି	ଜୁନାଗଡ଼	ବଲଧିଆମାଲ	୯୬/୧୪୧୬	ବେସରକାରୀ	ବାହାଲ	0.୦୬୪୮
୧୨୫	କଳାହାଣ୍ଡି	ଜୁନାଗଡ଼	ବଲଧିଆମାଲ	୩୪୩	ବେସରକାରୀ	ବାହାଲ	0.୦୦୮୧
୧୨୬	କଳାହାଣ୍ଡି	ଜୁନାଗଡ଼	ବଲଧିଆମାଲ	୩୪୪	ବେସରକାରୀ	ବାହାଲ	0.୪୬୫୭
୧୨୭	କଳାହାଣ୍ଡି	ଜୁନାଗଡ଼	ବଲଧିଆମାଲ	୩୪୬	ବେସରକାରୀ	ବାହାଲ	0.୦୫୨୭
୧୨୮	କଳାହାଣ୍ଡି	ଜୁନାଗଡ଼	ବଲଧିଆମାଲ	୪୯୧	ବେସରକାରୀ	ବାହାଲ	0.୦୬୮୮
୧୨୯	କଳାହାଣ୍ଡି	ଜୁନାଗଡ଼	ବଲଧିଆମାଲ	୪୯୩	ବେସରକାରୀ	ବାହାଲ	0.୩୫୬୪
୧୩୦	କଳାହାଣ୍ଡି	ଜୁନାଗଡ଼	ବଲଧିଆମାଲ	୪୯୫	ବେସରକାରୀ	ବାହାଲ	0.୫୨୬୫
୧୩୧	କଳାହାଣ୍ଡି	ଜୁନାଗଡ଼	ବଲଧିଆମାଲ	୩୪୯	ବେସରକାରୀ	ବାହାଲ	0.୦୧୬୨
୧୩୨	କଳାହାଣ୍ଡି	ଜୁନାଗଡ଼	ବଲଧିଆମାଲ	୩୫୨	ବେସରକାରୀ	ବାହାଲ	0.୦୨୦୨
୧୩୩	କଳାହାଣ୍ଡି	ଜୁନାଗଡ଼	ବଲଧିଆମାଲ	୪୪୪	ବେସରକାରୀ	ବାହାଲ	0.୧୮୨୨
୧୩୪	କଳାହାଣ୍ଡି	ଜୁନାଗଡ଼	ବଲଧିଆମାଲ	୪୪୬	ବେସରକାରୀ	ବାହାଲ	0.୧୯୪୪
୧୩୫	କଳାହାଣ୍ଡି	ଜୁନାଗଡ଼	ବଲଧିଆମାଲ	୪୪୯	ବେସରକାରୀ	ବାହାଲ	0.୦୬୮୮
୧୩୬	କଳାହାଣ୍ଡି	ଜୁନାଗଡ଼	ବଲଧିଆମାଲ	୪୪୭	ବେସରକାରୀ	ବାହାଲ	0.୧୪୫୮
୧୩୭	କଳାହାଣ୍ଡି	ଜୁନାଗଡ଼	ବଲଧିଆମାଲ	୪୪୮	ବେସରକାରୀ	ବାହାଲ	0.୧୨୯୬
୧୩୮	କଳାହାଣ୍ଡି	ଜୁନାଗଡ଼	ବଲଧିଆମାଲ	୧୧୨	ବେସରକାରୀ	ବାହାଲ	0.୦୪୦୫
୧୩୯	କଳାହାଣ୍ଡି	ଜୁନାଗଡ଼	ବଲଧିଆମାଲ	୧୦୨	ବେସରକାରୀ	ବାହାଲ	0.୦୨୮୩
୧୪୦	କଳାହାଣ୍ଡି	ଜୁନାଗଡ଼	ବଲଧିଆମାଲ	୧୦୦	ବେସରକାରୀ	ବାହାଲ	0.୦୧୬୨
୧୪୧	କଳାହାଣ୍ଡି	ଜୁନାଗଡ଼	ବଲଧିଆମାଲ	୯୭/୧୪୧୫	ବେସରକାରୀ	ବାହାଲ	0.୦୧୬୨
୧୪୨	କଳାହାଣ୍ଡି	ଜୁନାଗଡ଼	ବଲଧିଆମାଲ	୪୯୧/୧୪୨୩	ବେସରକାରୀ	ବାହାଲ	0.୦୬୦୭
୧୪୩	କଳାହାଣ୍ଡି	ଜୁନାଗଡ଼	ବଲଧିଆମାଲ	୪୯୧/୧୪୧୭	ବେସରକାରୀ	ବାହାଲ	0.୦୮୫୦
୧୪୪	କଳାହାଣ୍ଡି	ଜୁନାଗଡ଼	ବଲଧିଆମାଲ	୯୭/୧୪୧୯	ବେସରକାରୀ	ବାହାଲ	0.୦୧୬୨
୧୪୫	କଳାହାଣ୍ଡି	ଜୁନାଗଡ଼	ବଲଧିଆମାଲ	୯୭/୧୪୨୧	ବେସରକାରୀ	ବାହାଲ	0.୦୧୬୨
୧୪୬	କଳାହାଣ୍ଡି	ଜୁନାଗଡ଼	ବଲଧିଆମାଲ	୪୯୫	ବେସରକାରୀ	ବାହାଲ	0.୦୬୮୮ (ଗୋଚର ପାଇଁ ସଂରକ୍ଷିତ)
୧୪୭	କଳାହାଣ୍ଡି	ଜୁନାଗଡ଼	ବଲଧିଆମାଲ	୧୦୭	ସରକାରୀ	ଗୋଚର	0.୦୨୪୩
୧୪୮	କଳାହାଣ୍ଡି	ଜୁନାଗଡ଼	ବଲଧିଆମାଲ	୧୦୫	ସରକାରୀ	ଗୋଚର	0.୦୪୪୫
						ମୋଟ	୧୭.୮୪୫
36
